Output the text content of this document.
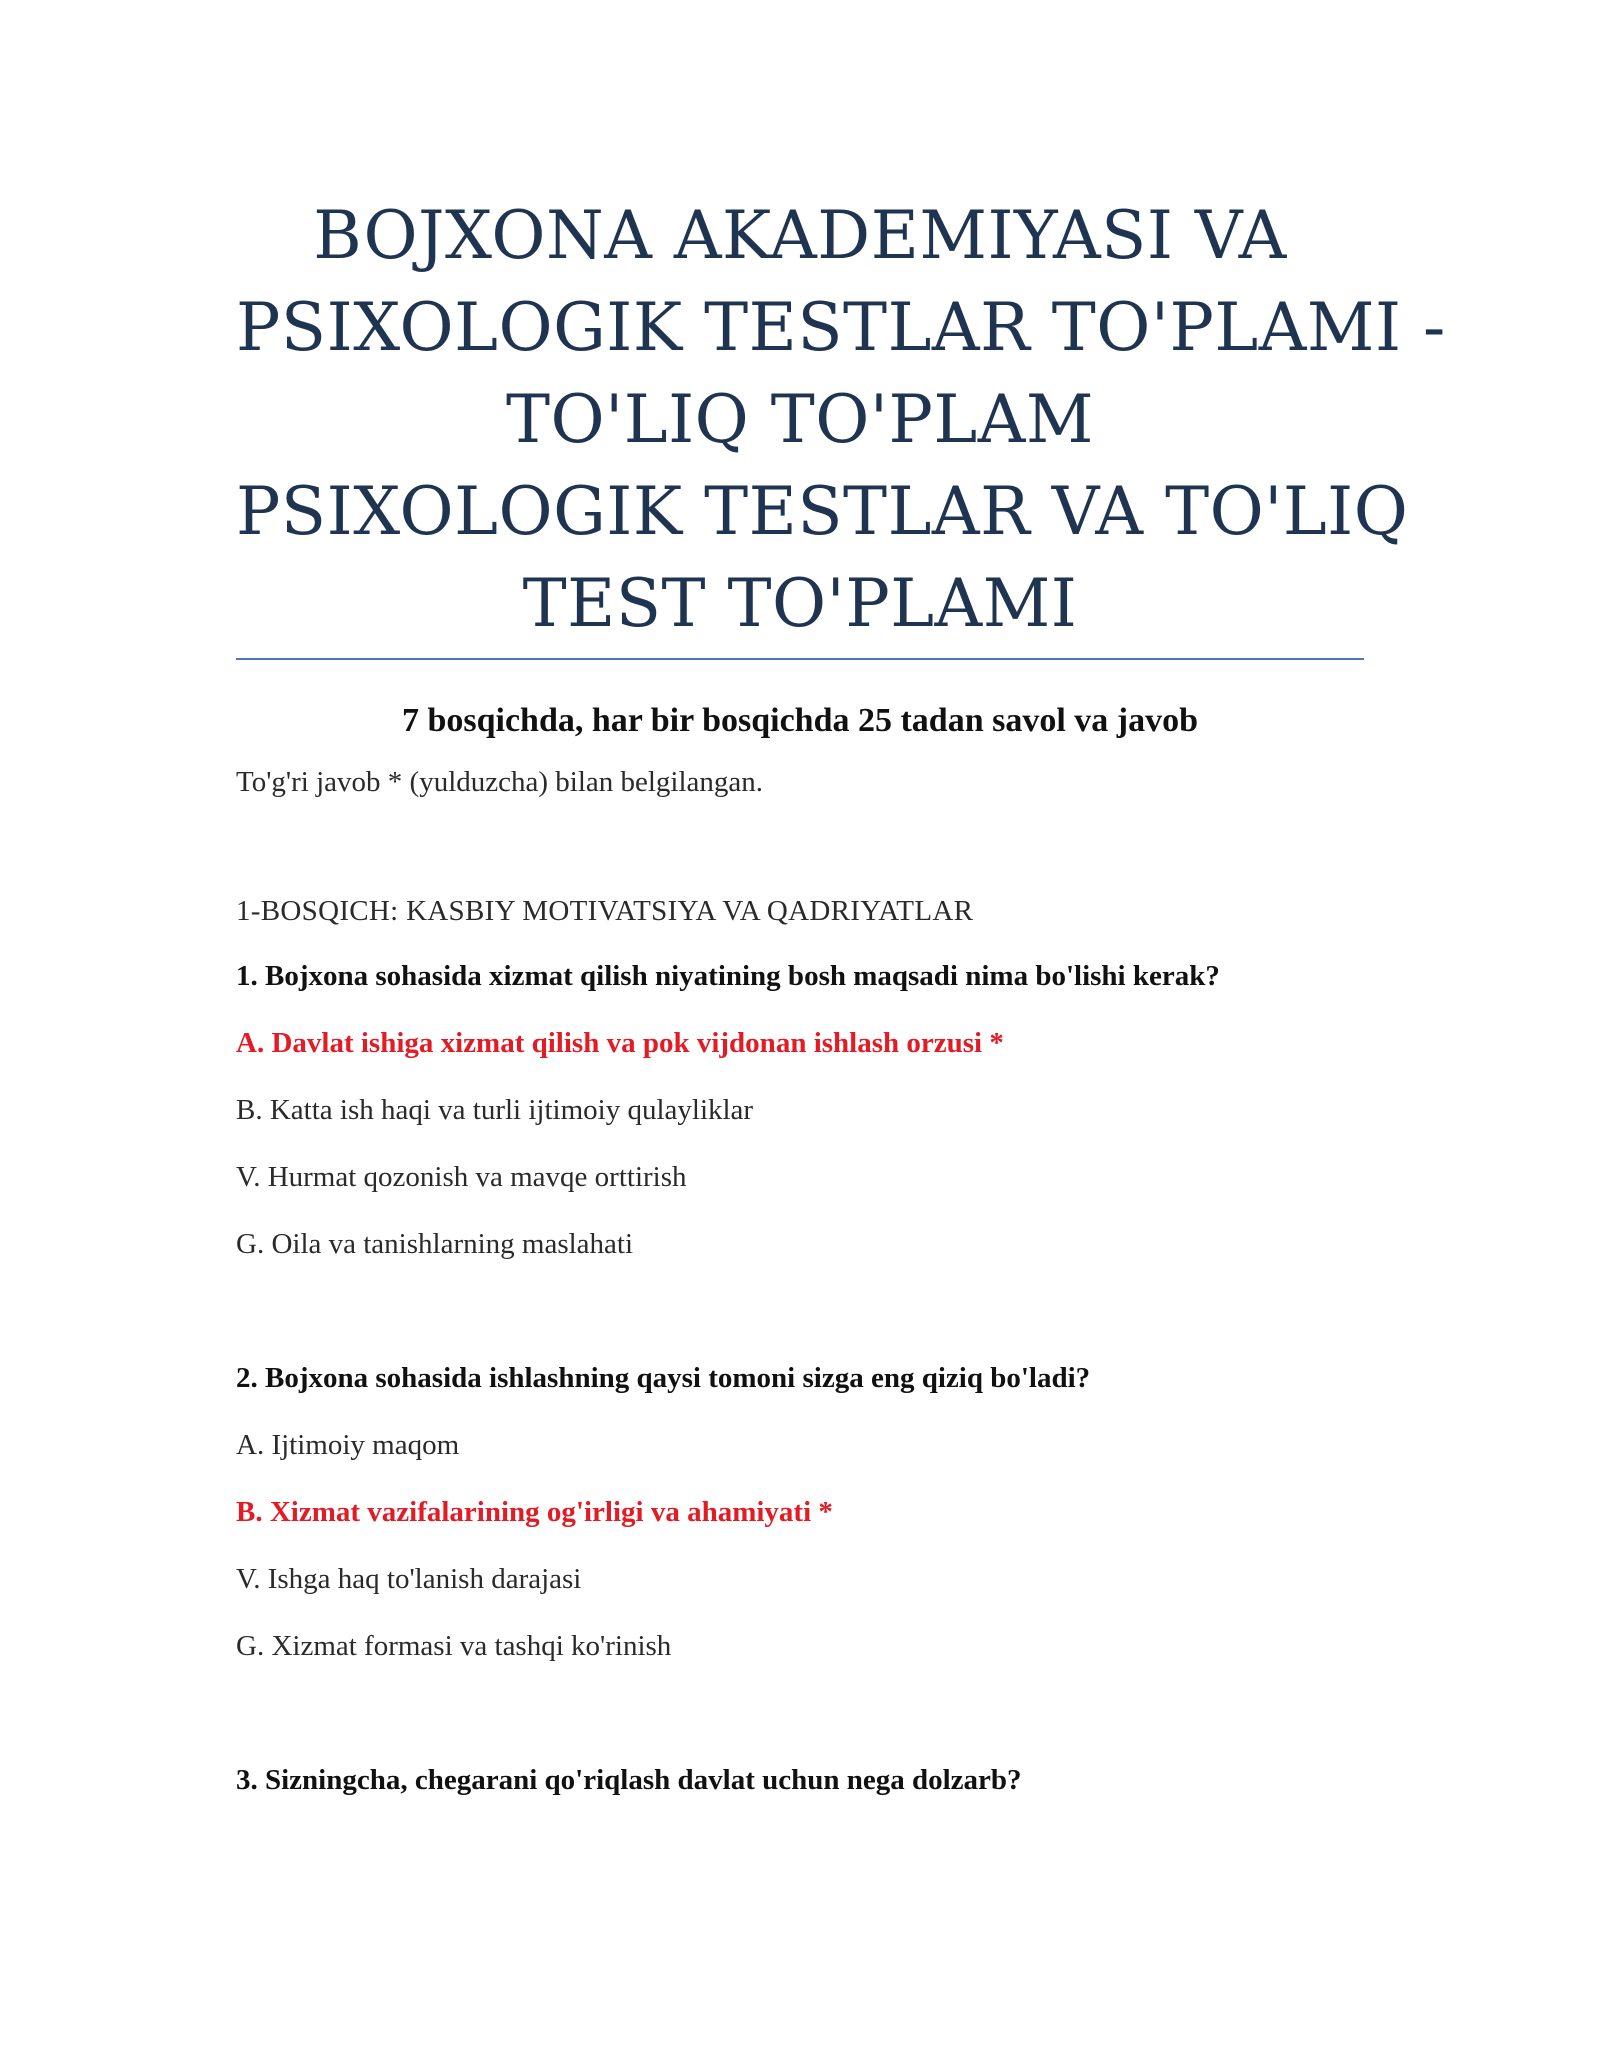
BOJXONA AKADEMIYASI VA
PSIXOLOGIK TESTLAR TO'PLAMI -
TO'LIQ TO'PLAM
PSIXOLOGIK TESTLAR VA TO'LIQ
TEST TO'PLAMI
7 bosqichda, har bir bosqichda 25 tadan savol va javob
To'g'ri javob * (yulduzcha) bilan belgilangan.
1-BOSQICH: KASBIY MOTIVATSIYA VA QADRIYATLAR
1. Bojxona sohasida xizmat qilish niyatining bosh maqsadi nima bo'lishi kerak?
A. Davlat ishiga xizmat qilish va pok vijdonan ishlash orzusi *
B. Katta ish haqi va turli ijtimoiy qulayliklar
V. Hurmat qozonish va mavqe orttirish
G. Oila va tanishlarning maslahati
2. Bojxona sohasida ishlashning qaysi tomoni sizga eng qiziq bo'ladi?
A. Ijtimoiy maqom
B. Xizmat vazifalarining og'irligi va ahamiyati *
V. Ishga haq to'lanish darajasi
G. Xizmat formasi va tashqi ko'rinish
3. Sizningcha, chegarani qo'riqlash davlat uchun nega dolzarb?
